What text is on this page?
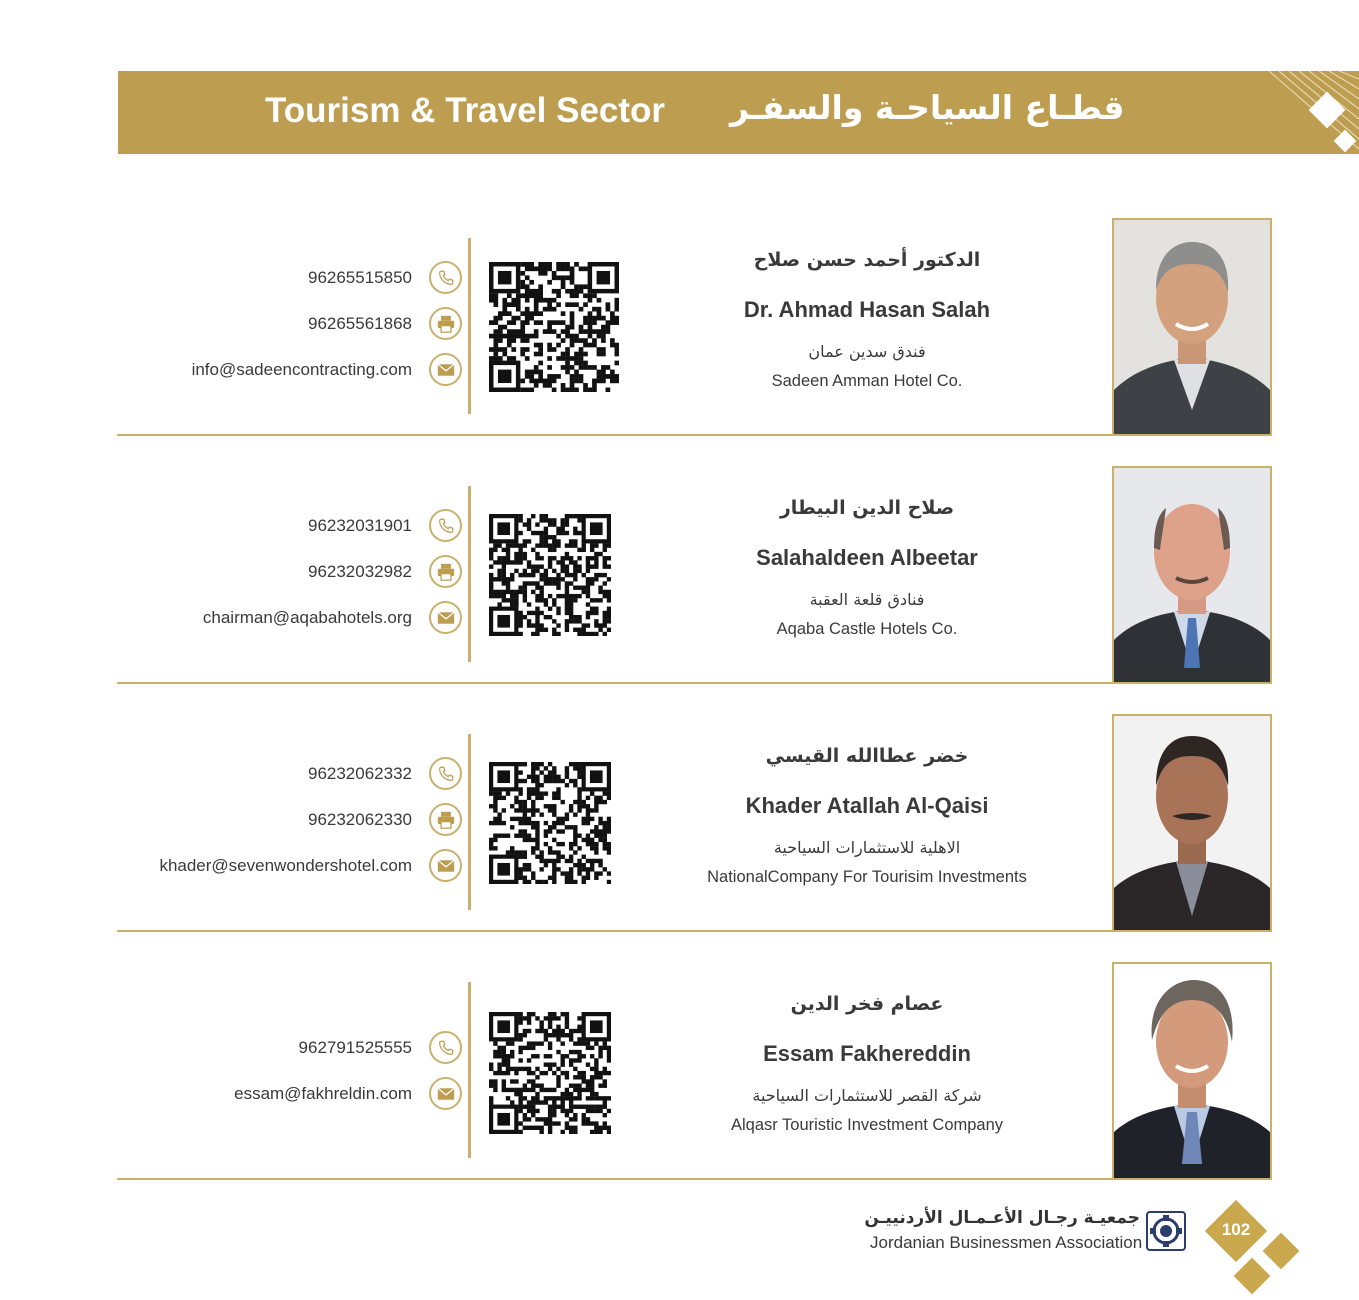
Tourism & Travel Sector قطـاع السياحـة والسفـر
96265515850
96265561868
info@sadeencontracting.com
الدكتور أحمد حسن صلاح
Dr. Ahmad Hasan Salah
فندق سدين عمان
Sadeen Amman Hotel Co.
96232031901
96232032982
chairman@aqabahotels.org
صلاح الدين البيطار
Salahaldeen Albeetar
فنادق قلعة العقبة
Aqaba Castle Hotels Co.
96232062332
96232062330
khader@sevenwondershotel.com
خضر عطاالله القيسي
Khader Atallah Al-Qaisi
الاهلية للاستثمارات السياحية
NationalCompany For Tourisim Investments
962791525555
essam@fakhreldin.com
عصام فخر الدين
Essam Fakhereddin
شركة القصر للاستثمارات السياحية
Alqasr Touristic Investment Company
جمعيـة رجـال الأعـمـال الأردنييـن
Jordanian Businessmen Association
102
